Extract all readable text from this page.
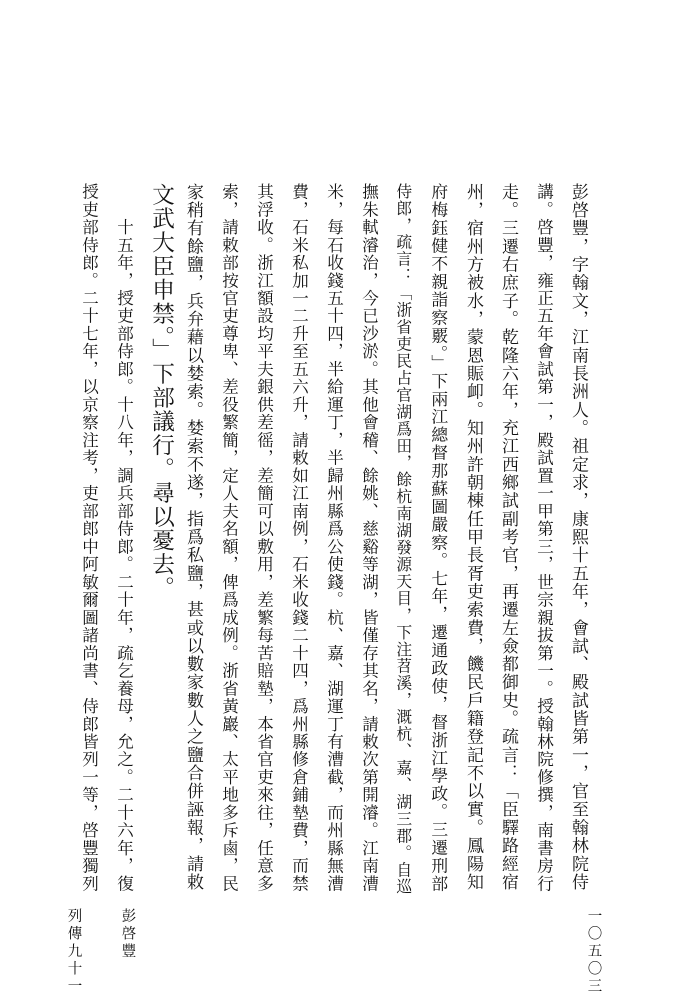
彭啓豐，字翰文，江南長洲人。祖定求，康熙十五年，會試、殿試皆第一，官至翰林院侍
講。啓豐，雍正五年會試第一，殿試置一甲第三，世宗親拔第一。授翰林院修撰，南書房行
走。三遷右庶子。乾隆六年，充江西鄉試副考官，再遷左僉都御史。疏言：「臣驛路經宿
州，宿州方被水，蒙恩賑卹。知州許朝棟任甲長胥吏索費，饑民戶籍登記不以實。鳳陽知
府梅鈺健不親詣察覈。」下兩江總督那蘇圖嚴察。七年，遷通政使，督浙江學政。三遷刑部
侍郎，疏言：「浙省吏民占官湖爲田，餘杭南湖發源天目，下注苕溪，溉杭、嘉、湖三郡。自巡
撫朱軾濬治，今已沙淤。其他會稽、餘姚、慈谿等湖，皆僅存其名，請敕次第開濬。江南漕
米，每石收錢五十四，半給運丁，半歸州縣爲公使錢。杭、嘉、湖運丁有漕截，而州縣無漕
費，石米私加一二升至五六升，請敕如江南例，石米收錢二十四，爲州縣修倉鋪墊費，而禁
其浮收。浙江額設均平夫銀供差徭，差簡可以敷用，差繁每苦賠墊，本省官吏來往，任意多
索，請敕部按官吏尊卑、差役繁簡，定人夫名額，俾爲成例。浙省黃巖、太平地多斥鹵，民
家稍有餘鹽，兵弁藉以婪索。婪索不遂，指爲私鹽，甚或以數家數人之鹽合併誣報，請敕
文武大臣申禁。」下部議行。尋以憂去。
　　十五年，授吏部侍郎。十八年，調兵部侍郎。二十年，疏乞養母，允之。二十六年，復
授吏部侍郎。二十七年，以京察注考，吏部郎中阿敏爾圖諸尚書、侍郎皆列一等，啓豐獨列
列傳九十一	彭啓豐	一〇五〇三
